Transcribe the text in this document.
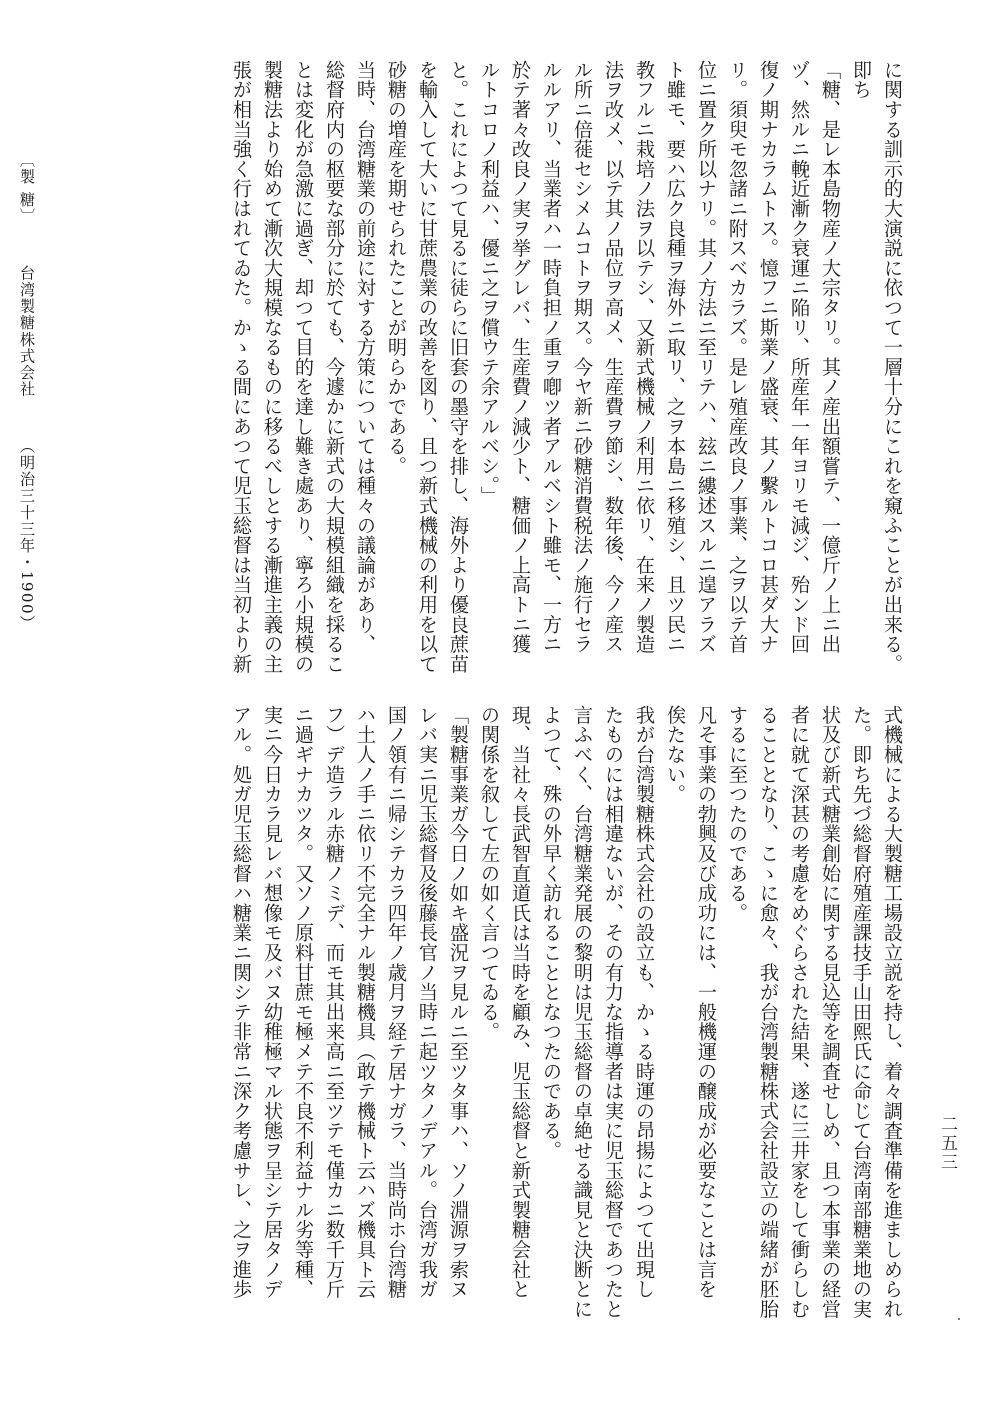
に関する訓示的大演説に依つて一層十分にこれを窺ふことが出来る。
即ち
「糖、是レ本島物産ノ大宗タリ。其ノ産出額嘗テ、一億斤ノ上ニ出
ヅ、然ルニ輓近漸ク衰運ニ陥リ、所産年一年ヨリモ減ジ、殆ンド回
復ノ期ナカラムトス。憶フニ斯業ノ盛衰、其ノ繫ルトコロ甚ダ大ナ
リ。須臾モ忽諸ニ附スベカラズ。是レ殖産改良ノ事業、之ヲ以テ首
位ニ置ク所以ナリ。其ノ方法ニ至リテハ、玆ニ縷述スルニ遑アラズ
ト雖モ、要ハ広ク良種ヲ海外ニ取リ、之ヲ本島ニ移殖シ、且ツ民ニ
教フルニ栽培ノ法ヲ以テシ、又新式機械ノ利用ニ依リ、在来ノ製造
法ヲ改メ、以テ其ノ品位ヲ高メ、生産費ヲ節シ、数年後、今ノ産ス
ル所ニ倍蓰セシメムコトヲ期ス。今ヤ新ニ砂糖消費税法ノ施行セラ
ルルアリ、当業者ハ一時負担ノ重ヲ喞ツ者アルベシト雖モ、一方ニ
於テ著々改良ノ実ヲ挙グレバ、生産費ノ減少ト、糖価ノ上高トニ獲
ルトコロノ利益ハ、優ニ之ヲ償ウテ余アルベシ。」
と。これによつて見るに徒らに旧套の墨守を排し、海外より優良蔗苗
を輸入して大いに甘蔗農業の改善を図り、且つ新式機械の利用を以て
砂糖の増産を期せられたことが明らかである。
当時、台湾糖業の前途に対する方策については種々の議論があり、
総督府内の枢要な部分に於ても、今遽かに新式の大規模組織を採るこ
とは変化が急激に過ぎ、却つて目的を達し難き處あり、寧ろ小規模の
製糖法より始めて漸次大規模なるものに移るべしとする漸進主義の主
張が相当強く行はれてゐた。かゝる間にあつて児玉総督は当初より新
式機械による大製糖工場設立説を持し、着々調査準備を進ましめられ
た。即ち先づ総督府殖産課技手山田熙氏に命じて台湾南部糖業地の実
状及び新式糖業創始に関する見込等を調査せしめ、且つ本事業の経営
者に就て深甚の考慮をめぐらされた結果、遂に三井家をして衝らしむ
ることとなり、こゝに愈々、我が台湾製糖株式会社設立の端緒が胚胎
するに至つたのである。
凡そ事業の勃興及び成功には、一般機運の醸成が必要なことは言を
俟たない。
我が台湾製糖株式会社の設立も、かゝる時運の昂揚によつて出現し
たものには相違ないが、その有力な指導者は実に児玉総督であつたと
言ふべく、台湾糖業発展の黎明は児玉総督の卓絶せる識見と決断とに
よつて、殊の外早く訪れることとなつたのである。
現、当社々長武智直道氏は当時を顧み、児玉総督と新式製糖会社と
の関係を叙して左の如く言つてゐる。
「製糖事業ガ今日ノ如キ盛況ヲ見ルニ至ツタ事ハ、ソノ淵源ヲ索ヌ
レバ実ニ児玉総督及後藤長官ノ当時ニ起ツタノデアル。台湾ガ我ガ
国ノ領有ニ帰シテカラ四年ノ歳月ヲ経テ居ナガラ、当時尚ホ台湾糖
ハ土人ノ手ニ依リ不完全ナル製糖機具（敢テ機械ト云ハズ機具ト云
フ）デ造ラル赤糖ノミデ、而モ其出来高ニ至ツテモ僅カニ数千万斤
ニ過ギナカツタ。又ソノ原料甘蔗モ極メテ不良不利益ナル劣等種、
実ニ今日カラ見レバ想像モ及バヌ幼稚極マル状態ヲ呈シテ居タノデ
アル。処ガ児玉総督ハ糖業ニ関シテ非常ニ深ク考慮サレ、之ヲ進歩
〔製 糖〕 台湾製糖株式会社 （明治三十三年・1900）
二五三
